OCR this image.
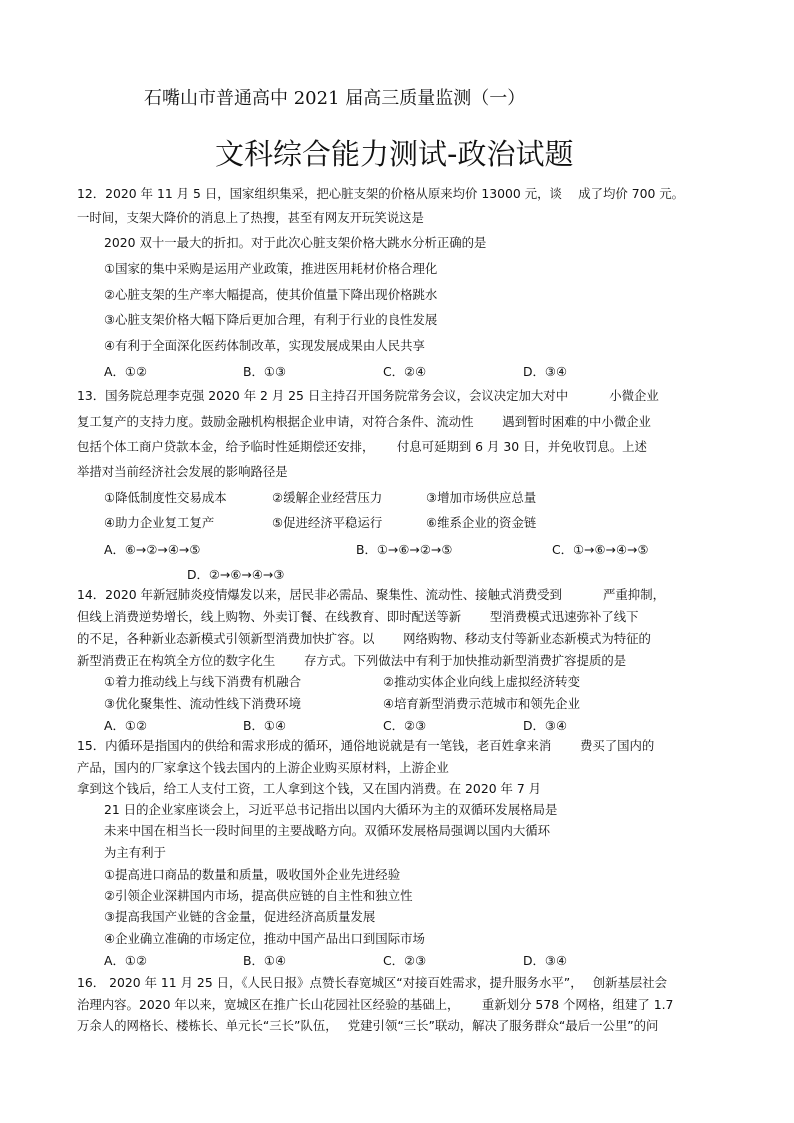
石嘴山市普通高中 2021 届高三质量监测（一）
文科综合能力测试-政治试题
12．2020 年 11 月 5 日，国家组织集采，把心脏支架的价格从原来均价 13000 元，谈　 成了均价 700 元。
一时间，支架大降价的消息上了热搜，甚至有网友开玩笑说这是
2020 双十一最大的折扣。对于此次心脏支架价格大跳水分析正确的是
①国家的集中采购是运用产业政策，推进医用耗材价格合理化
②心脏支架的生产率大幅提高，使其价值量下降出现价格跳水
③心脏支架价格大幅下降后更加合理，有利于行业的良性发展
④有利于全面深化医药体制改革，实现发展成果由人民共享
A．①②	B．①③	C．②④	D．③④
13．国务院总理李克强 2020 年 2 月 25 日主持召开国务院常务会议，会议决定加大对中　　　 小微企业
复工复产的支持力度。鼓励金融机构根据企业申请，对符合条件、流动性　　 遇到暂时困难的中小微企业
包括个体工商户贷款本金，给予临时性延期偿还安排，　　 付息可延期到 6 月 30 日，并免收罚息。上述
举措对当前经济社会发展的影响路径是
①降低制度性交易成本	②缓解企业经营压力	③增加市场供应总量
④助力企业复工复产	⑤促进经济平稳运行	⑥维系企业的资金链
A．⑥→②→④→⑤	B．①→⑥→②→⑤	C．①→⑥→④→⑤
D．②→⑥→④→③
14．2020 年新冠肺炎疫情爆发以来，居民非必需品、聚集性、流动性、接触式消费受到　　　 严重抑制，
但线上消费逆势增长，线上购物、外卖订餐、在线教育、即时配送等新　　 型消费模式迅速弥补了线下
的不足，各种新业态新模式引领新型消费加快扩容。以　　 网络购物、移动支付等新业态新模式为特征的
新型消费正在构筑全方位的数字化生　　 存方式。下列做法中有利于加快推动新型消费扩容提质的是
①着力推动线上与线下消费有机融合	②推动实体企业向线上虚拟经济转变
③优化聚集性、流动性线下消费环境	④培育新型消费示范城市和领先企业
A．①②	B．①④	C．②③	D．③④
15．内循环是指国内的供给和需求形成的循环，通俗地说就是有一笔钱，老百姓拿来消　　 费买了国内的
产品，国内的厂家拿这个钱去国内的上游企业购买原材料，上游企业
拿到这个钱后，给工人支付工资，工人拿到这个钱，又在国内消费。在 2020 年 7 月
21 日的企业家座谈会上，习近平总书记指出以国内大循环为主的双循环发展格局是
未来中国在相当长一段时间里的主要战略方向。双循环发展格局强调以国内大循环
为主有利于
①提高进口商品的数量和质量，吸收国外企业先进经验
②引领企业深耕国内市场，提高供应链的自主性和独立性
③提高我国产业链的含金量，促进经济高质量发展
④企业确立准确的市场定位，推动中国产品出口到国际市场
A．①②	B．①④	C．②③	D．③④
16． 2020 年 11 月 25 日，《人民日报》点赞长春宽城区“对接百姓需求，提升服务水平”，　 创新基层社会
治理内容。2020 年以来，宽城区在推广长山花园社区经验的基础上，　　 重新划分 578 个网格，组建了 1.7
万余人的网格长、楼栋长、单元长“三长”队伍，　 党建引领“三长”联动，解决了服务群众“最后一公里”的问
